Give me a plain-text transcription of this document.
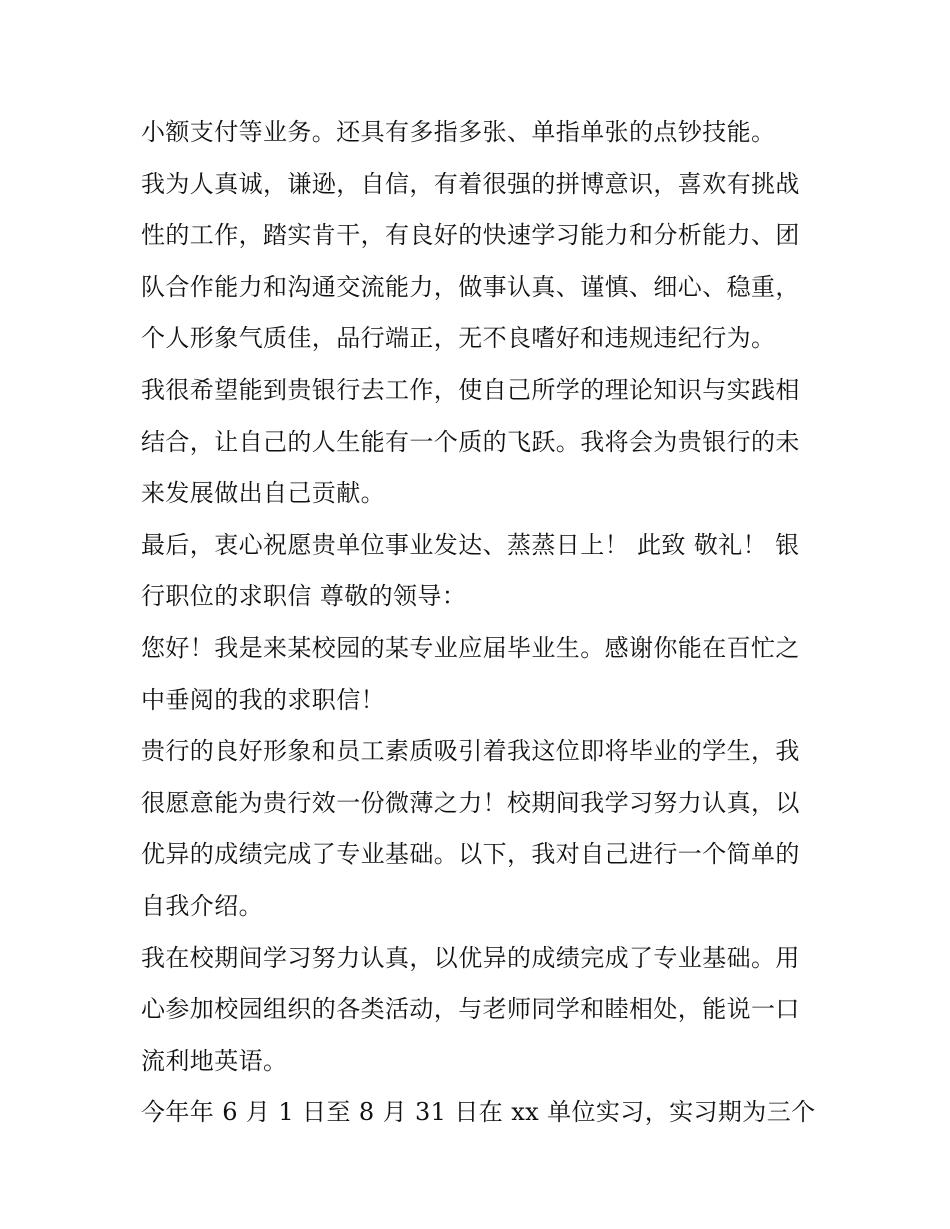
小额支付等业务。还具有多指多张、单指单张的点钞技能。
我为人真诚，谦逊，自信，有着很强的拼博意识，喜欢有挑战
性的工作，踏实肯干，有良好的快速学习能力和分析能力、团
队合作能力和沟通交流能力，做事认真、谨慎、细心、稳重，
个人形象气质佳，品行端正，无不良嗜好和违规违纪行为。
我很希望能到贵银行去工作，使自己所学的理论知识与实践相
结合，让自己的人生能有一个质的飞跃。我将会为贵银行的未
来发展做出自己贡献。
最后，衷心祝愿贵单位事业发达、蒸蒸日上！ 此致 敬礼！ 银
行职位的求职信 尊敬的领导：
您好！我是来某校园的某专业应届毕业生。感谢你能在百忙之
中垂阅的我的求职信！
贵行的良好形象和员工素质吸引着我这位即将毕业的学生，我
很愿意能为贵行效一份微薄之力！校期间我学习努力认真，以
优异的成绩完成了专业基础。以下，我对自己进行一个简单的
自我介绍。
我在校期间学习努力认真，以优异的成绩完成了专业基础。用
心参加校园组织的各类活动，与老师同学和睦相处，能说一口
流利地英语。
今年年 6 月 1 日至 8 月 31 日在 xx 单位实习，实习期为三个
